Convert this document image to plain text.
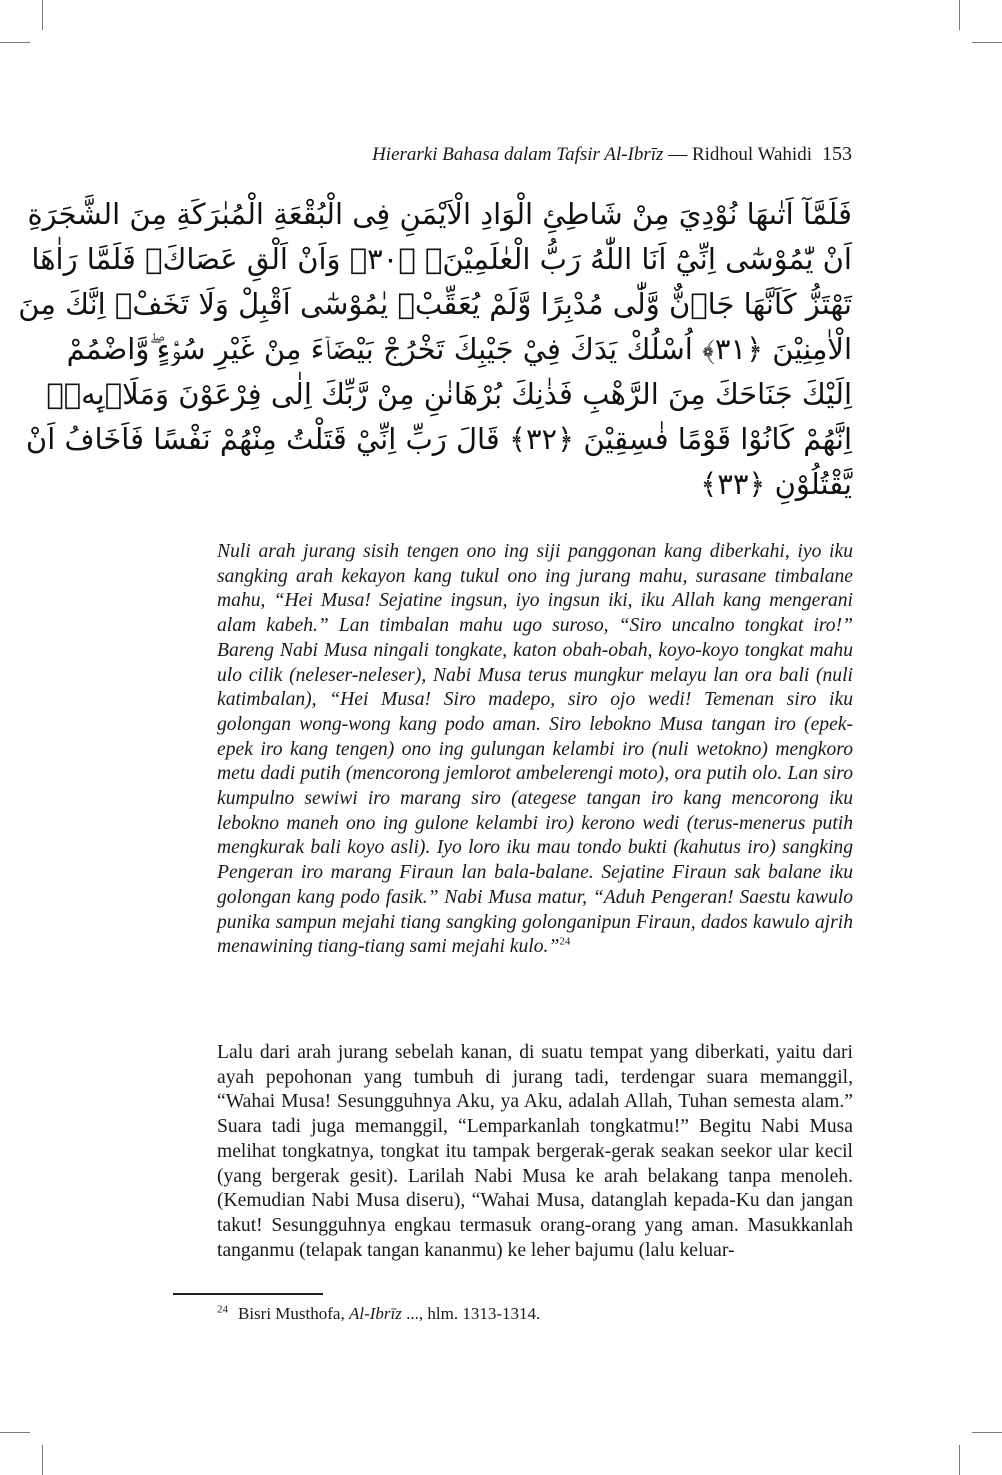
Hierarki Bahasa dalam Tafsir Al-Ibrīz — Ridhoul Wahidi 153
فَلَمَّآ اَتٰىهَا نُوْدِيَ مِنْ شَاطِئِ الْوَادِ الْاَيْمَنِ فِى الْبُقْعَةِ الْمُبٰرَكَةِ مِنَ الشَّجَرَةِ
اَنْ يّٰمُوْسٰٓى اِنِّيْٓ اَنَا اللّٰهُ رَبُّ الْعٰلَمِيْنَۙ ﴿٣٠﴾ وَاَنْ اَلْقِ عَصَاكَۗ فَلَمَّا رَاٰهَا
تَهْتَزُّ كَاَنَّهَا جَاۤنٌّ وَّلّٰى مُدْبِرًا وَّلَمْ يُعَقِّبْۗ يٰمُوْسٰٓى اَقْبِلْ وَلَا تَخَفْۗ اِنَّكَ مِنَ
الْاٰمِنِيْنَ ﴿٣١﴾ اُسْلُكْ يَدَكَ فِيْ جَيْبِكَ تَخْرُجْ بَيْضَاۤءَ مِنْ غَيْرِ سُوْۤءٍ ۖوَّاضْمُمْ
اِلَيْكَ جَنَاحَكَ مِنَ الرَّهْبِ فَذٰنِكَ بُرْهَانٰنِ مِنْ رَّبِّكَ اِلٰى فِرْعَوْنَ وَمَلَا۟ىِٕهٖۗ
اِنَّهُمْ كَانُوْا قَوْمًا فٰسِقِيْنَ ﴿٣٢﴾ قَالَ رَبِّ اِنِّيْ قَتَلْتُ مِنْهُمْ نَفْسًا فَاَخَافُ اَنْ
يَّقْتُلُوْنِ ﴿٣٣﴾
Nuli arah jurang sisih tengen ono ing siji panggonan kang diberkahi, iyo iku sangking arah kekayon kang tukul ono ing jurang mahu, surasane timbalane mahu, “Hei Musa! Sejatine ingsun, iyo ingsun iki, iku Allah kang mengerani alam kabeh.” Lan timbalan mahu ugo suroso, “Siro uncalno tongkat iro!” Bareng Nabi Musa ningali tongkate, katon obah-obah, koyo-koyo tongkat mahu ulo cilik (neleser-neleser), Nabi Musa terus mungkur melayu lan ora bali (nuli katimbalan), “Hei Musa! Siro madepo, siro ojo wedi! Temenan siro iku golongan wong-wong kang podo aman. Siro lebokno Musa tangan iro (epek-epek iro kang tengen) ono ing gulungan kelambi iro (nuli wetokno) mengkoro metu dadi putih (mencorong jemlorot ambelerengi moto), ora putih olo. Lan siro kumpulno sewiwi iro marang siro (ategese tangan iro kang mencorong iku lebokno maneh ono ing gulone kelambi iro) kerono wedi (terus-menerus putih mengkurak bali koyo asli). Iyo loro iku mau tondo bukti (kahutus iro) sangking Pengeran iro marang Firaun lan bala-balane. Sejatine Firaun sak balane iku golongan kang podo fasik.” Nabi Musa matur, “Aduh Pengeran! Saestu kawulo punika sampun mejahi tiang sangking golonganipun Firaun, dados kawulo ajrih menawining tiang-tiang sami mejahi kulo.”$^{24}$
Lalu dari arah jurang sebelah kanan, di suatu tempat yang diberkati, yaitu dari ayah pepohonan yang tumbuh di jurang tadi, terdengar suara memanggil, “Wahai Musa! Sesungguhnya Aku, ya Aku, adalah Allah, Tuhan semesta alam.” Suara tadi juga memanggil, “Lemparkanlah tongkatmu!” Begitu Nabi Musa melihat tongkatnya, tongkat itu tampak bergerak-gerak seakan seekor ular kecil (yang bergerak gesit). Larilah Nabi Musa ke arah belakang tanpa menoleh. (Kemudian Nabi Musa diseru), “Wahai Musa, datanglah kepada-Ku dan jangan takut! Sesungguhnya engkau termasuk orang-orang yang aman. Masukkanlah tanganmu (telapak tangan kananmu) ke leher bajumu (lalu keluar-
$^{24}$ Bisri Musthofa, Al-Ibrīz ..., hlm. 1313-1314.
